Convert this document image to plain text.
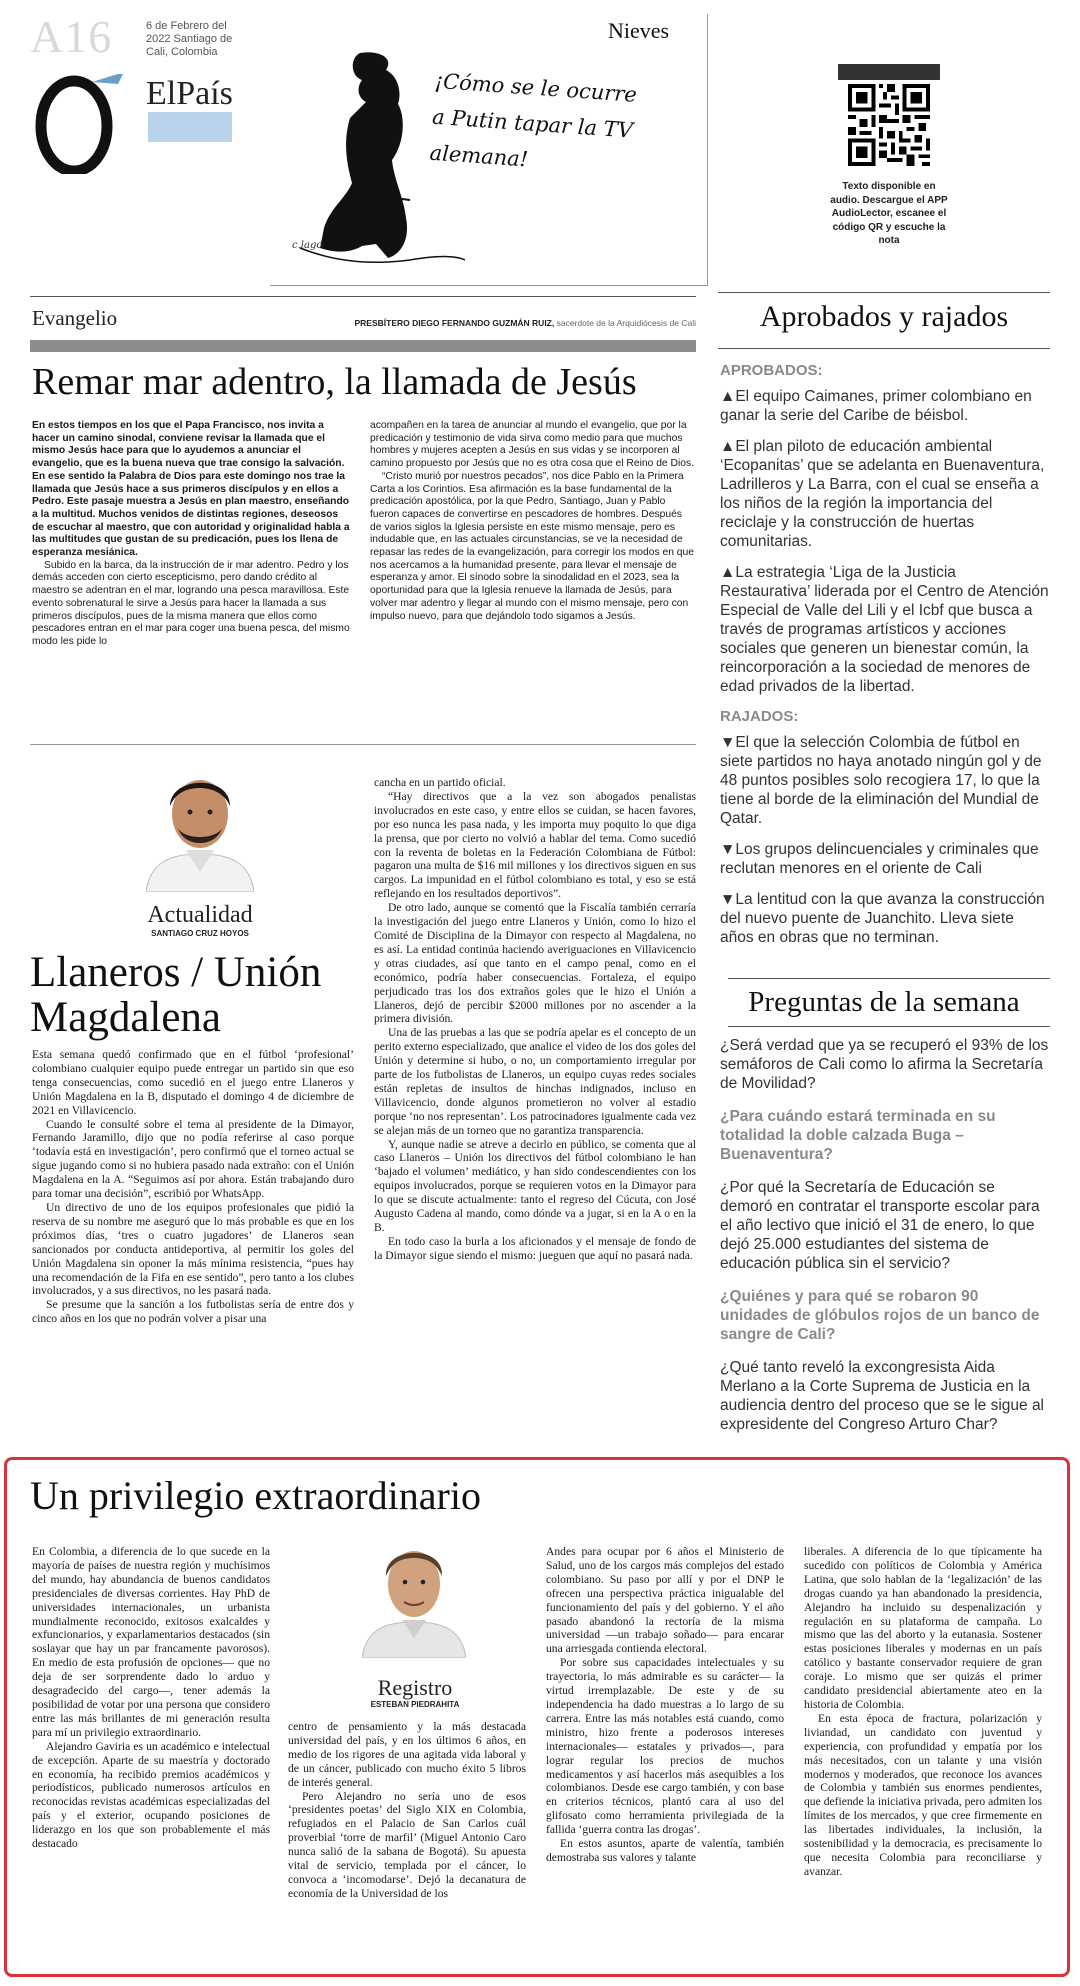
A16	6 de Febrero del 2022 Santiago de Cali, Colombia
ElPaís
Nieves
¡Cómo se le ocurre a Putin tapar la TV alemana!
c.lago
Texto disponible en audio. Descargue el APP AudioLector, escanee el código QR y escuche la nota
Evangelio	PRESBÍTERO DIEGO FERNANDO GUZMÁN RUIZ, sacerdote de la Arquidiócesis de Cali
Remar mar adentro, la llamada de Jesús

En estos tiempos en los que el Papa Francisco, nos invita a hacer un camino sinodal, conviene revisar la llamada que el mismo Jesús hace para que lo ayudemos a anunciar el evangelio, que es la buena nueva que trae consigo la salvación. En ese sentido la Palabra de Dios para este domingo nos trae la llamada que Jesús hace a sus primeros discípulos y en ellos a Pedro. Este pasaje muestra a Jesús en plan maestro, enseñando a la multitud. Muchos venidos de distintas regiones, deseosos de escuchar al maestro, que con autoridad y originalidad habla a las multitudes que gustan de su predicación, pues los llena de esperanza mesiánica.

Subido en la barca, da la instrucción de ir mar adentro. Pedro y los demás acceden con cierto escepticismo, pero dando crédito al maestro se adentran en el mar, logrando una pesca maravillosa. Este evento sobrenatural le sirve a Jesús para hacer la llamada a sus primeros discípulos, pues de la misma manera que ellos como pescadores entran en el mar para coger una buena pesca, del mismo modo les pide lo

acompañen en la tarea de anunciar al mundo el evangelio, que por la predicación y testimonio de vida sirva como medio para que muchos hombres y mujeres acepten a Jesús en sus vidas y se incorporen al camino propuesto por Jesús que no es otra cosa que el Reino de Dios.

“Cristo murió por nuestros pecados”, nos dice Pablo en la Primera Carta a los Corintios. Esa afirmación es la base fundamental de la predicación apostólica, por la que Pedro, Santiago, Juan y Pablo fueron capaces de convertirse en pescadores de hombres. Después de varios siglos la Iglesia persiste en este mismo mensaje, pero es indudable que, en las actuales circunstancias, se ve la necesidad de repasar las redes de la evangelización, para corregir los modos en que nos acercamos a la humanidad presente, para llevar el mensaje de esperanza y amor. El sínodo sobre la sinodalidad en el 2023, sea la oportunidad para que la Iglesia renueve la llamada de Jesús, para volver mar adentro y llegar al mundo con el mismo mensaje, pero con impulso nuevo, para que dejándolo todo sigamos a Jesús.

Actualidad
SANTIAGO CRUZ HOYOS
Llaneros / Unión Magdalena

Esta semana quedó confirmado que en el fútbol ‘profesional’ colombiano cualquier equipo puede entregar un partido sin que eso tenga consecuencias, como sucedió en el juego entre Llaneros y Unión Magdalena en la B, disputado el domingo 4 de diciembre de 2021 en Villavicencio.

Cuando le consulté sobre el tema al presidente de la Dimayor, Fernando Jaramillo, dijo que no podía referirse al caso porque ‘todavía está en investigación’, pero confirmó que el torneo actual se sigue jugando como si no hubiera pasado nada extraño: con el Unión Magdalena en la A. “Seguimos así por ahora. Están trabajando duro para tomar una decisión”, escribió por WhatsApp.

Un directivo de uno de los equipos profesionales que pidió la reserva de su nombre me aseguró que lo más probable es que en los próximos días, ‘tres o cuatro jugadores’ de Llaneros sean sancionados por conducta antideportiva, al permitir los goles del Unión Magdalena sin oponer la más mínima resistencia, “pues hay una recomendación de la Fifa en ese sentido”, pero tanto a los clubes involucrados, y a sus directivos, no les pasará nada.

Se presume que la sanción a los futbolistas sería de entre dos y cinco años en los que no podrán volver a pisar una

cancha en un partido oficial.

“Hay directivos que a la vez son abogados penalistas involucrados en este caso, y entre ellos se cuidan, se hacen favores, por eso nunca les pasa nada, y les importa muy poquito lo que diga la prensa, que por cierto no volvió a hablar del tema. Como sucedió con la reventa de boletas en la Federación Colombiana de Fútbol: pagaron una multa de $16 mil millones y los directivos siguen en sus cargos. La impunidad en el fútbol colombiano es total, y eso se está reflejando en los resultados deportivos”.

De otro lado, aunque se comentó que la Fiscalía también cerraría la investigación del juego entre Llaneros y Unión, como lo hizo el Comité de Disciplina de la Dimayor con respecto al Magdalena, no es así. La entidad continúa haciendo averiguaciones en Villavicencio y otras ciudades, así que tanto en el campo penal, como en el económico, podría haber consecuencias. Fortaleza, el equipo perjudicado tras los dos extraños goles que le hizo el Unión a Llaneros, dejó de percibir $2000 millones por no ascender a la primera división.

Una de las pruebas a las que se podría apelar es el concepto de un perito externo especializado, que analice el video de los dos goles del Unión y determine si hubo, o no, un comportamiento irregular por parte de los futbolistas de Llaneros, un equipo cuyas redes sociales están repletas de insultos de hinchas indignados, incluso en Villavicencio, donde algunos prometieron no volver al estadio porque ‘no nos representan’. Los patrocinadores igualmente cada vez se alejan más de un torneo que no garantiza transparencia.

Y, aunque nadie se atreve a decirlo en público, se comenta que al caso Llaneros – Unión los directivos del fútbol colombiano le han ‘bajado el volumen’ mediático, y han sido condescendientes con los equipos involucrados, porque se requieren votos en la Dimayor para lo que se discute actualmente: tanto el regreso del Cúcuta, con José Augusto Cadena al mando, como dónde va a jugar, si en la A o en la B.

En todo caso la burla a los aficionados y el mensaje de fondo de la Dimayor sigue siendo el mismo: jueguen que aquí no pasará nada.

Aprobados y rajados
APROBADOS:
▲El equipo Caimanes, primer colombiano en ganar la serie del Caribe de béisbol.
▲El plan piloto de educación ambiental ‘Ecopanitas’ que se adelanta en Buenaventura, Ladrilleros y La Barra, con el cual se enseña a los niños de la región la importancia del reciclaje y la construcción de huertas comunitarias.
▲La estrategia ‘Liga de la Justicia Restaurativa’ liderada por el Centro de Atención Especial de Valle del Lili y el Icbf que busca a través de programas artísticos y acciones sociales que generen un bienestar común, la reincorporación a la sociedad de menores de edad privados de la libertad.
RAJADOS:
▼El que la selección Colombia de fútbol en siete partidos no haya anotado ningún gol y de 48 puntos posibles solo recogiera 17, lo que la tiene al borde de la eliminación del Mundial de Qatar.
▼Los grupos delincuenciales y criminales que reclutan menores en el oriente de Cali
▼La lentitud con la que avanza la construcción del nuevo puente de Juanchito. Lleva siete años en obras que no terminan.
Preguntas de la semana
¿Será verdad que ya se recuperó el 93% de los semáforos de Cali como lo afirma la Secretaría de Movilidad?
¿Para cuándo estará terminada en su totalidad la doble calzada Buga – Buenaventura?
¿Por qué la Secretaría de Educación se demoró en contratar el transporte escolar para el año lectivo que inició el 31 de enero, lo que dejó 25.000 estudiantes del sistema de educación pública sin el servicio?
¿Quiénes y para qué se robaron 90 unidades de glóbulos rojos de un banco de sangre de Cali?
¿Qué tanto reveló la excongresista Aida Merlano a la Corte Suprema de Justicia en la audiencia dentro del proceso que se le sigue al expresidente del Congreso Arturo Char?
Un privilegio extraordinario
Registro
ESTEBAN PIEDRAHITA

En Colombia, a diferencia de lo que sucede en la mayoría de países de nuestra región y muchísimos del mundo, hay abundancia de buenos candidatos presidenciales de diversas corrientes. Hay PhD de universidades internacionales, un urbanista mundialmente reconocido, exitosos exalcaldes y exfuncionarios, y exparlamentarios destacados (sin soslayar que hay un par francamente pavorosos). En medio de esta profusión de opciones— que no deja de ser sorprendente dado lo arduo y desagradecido del cargo—, tener además la posibilidad de votar por una persona que considero entre las más brillantes de mi generación resulta para mí un privilegio extraordinario.

Alejandro Gaviria es un académico e intelectual de excepción. Aparte de su maestría y doctorado en economía, ha recibido premios académicos y periodísticos, publicado numerosos artículos en reconocidas revistas académicas especializadas del país y el exterior, ocupando posiciones de liderazgo en los que son probablemente el más destacado

centro de pensamiento y la más destacada universidad del país, y en los últimos 6 años, en medio de los rigores de una agitada vida laboral y de un cáncer, publicado con mucho éxito 5 libros de interés general.

Pero Alejandro no sería uno de esos ‘presidentes poetas’ del Siglo XIX en Colombia, refugiados en el Palacio de San Carlos cuál proverbial ‘torre de marfil’ (Miguel Antonio Caro nunca salió de la sabana de Bogotá). Su apuesta vital de servicio, templada por el cáncer, lo convoca a ‘incomodarse’. Dejó la decanatura de economía de la Universidad de los

Andes para ocupar por 6 años el Ministerio de Salud, uno de los cargos más complejos del estado colombiano. Su paso por allí y por el DNP le ofrecen una perspectiva práctica inigualable del funcionamiento del país y del gobierno. Y el año pasado abandonó la rectoría de la misma universidad —un trabajo soñado— para encarar una arriesgada contienda electoral.

Por sobre sus capacidades intelectuales y su trayectoria, lo más admirable es su carácter— la virtud irremplazable. De este y de su independencia ha dado muestras a lo largo de su carrera. Entre las más notables está cuando, como ministro, hizo frente a poderosos intereses internacionales— estatales y privados—, para lograr regular los precios de muchos medicamentos y así hacerlos más asequibles a los colombianos. Desde ese cargo también, y con base en criterios técnicos, plantó cara al uso del glifosato como herramienta privilegiada de la fallida ‘guerra contra las drogas’.

En estos asuntos, aparte de valentía, también demostraba sus valores y talante

liberales. A diferencia de lo que típicamente ha sucedido con políticos de Colombia y América Latina, que solo hablan de la ‘legalización’ de las drogas cuando ya han abandonado la presidencia, Alejandro ha incluido su despenalización y regulación en su plataforma de campaña. Lo mismo que las del aborto y la eutanasia. Sostener estas posiciones liberales y modernas en un país católico y bastante conservador requiere de gran coraje. Lo mismo que ser quizás el primer candidato presidencial abiertamente ateo en la historia de Colombia.

En esta época de fractura, polarización y liviandad, un candidato con juventud y experiencia, con profundidad y empatía por los más necesitados, con un talante y una visión modernos y moderados, que reconoce los avances de Colombia y también sus enormes pendientes, que defiende la iniciativa privada, pero admiten los límites de los mercados, y que cree firmemente en las libertades individuales, la inclusión, la sostenibilidad y la democracia, es precisamente lo que necesita Colombia para reconciliarse y avanzar.
